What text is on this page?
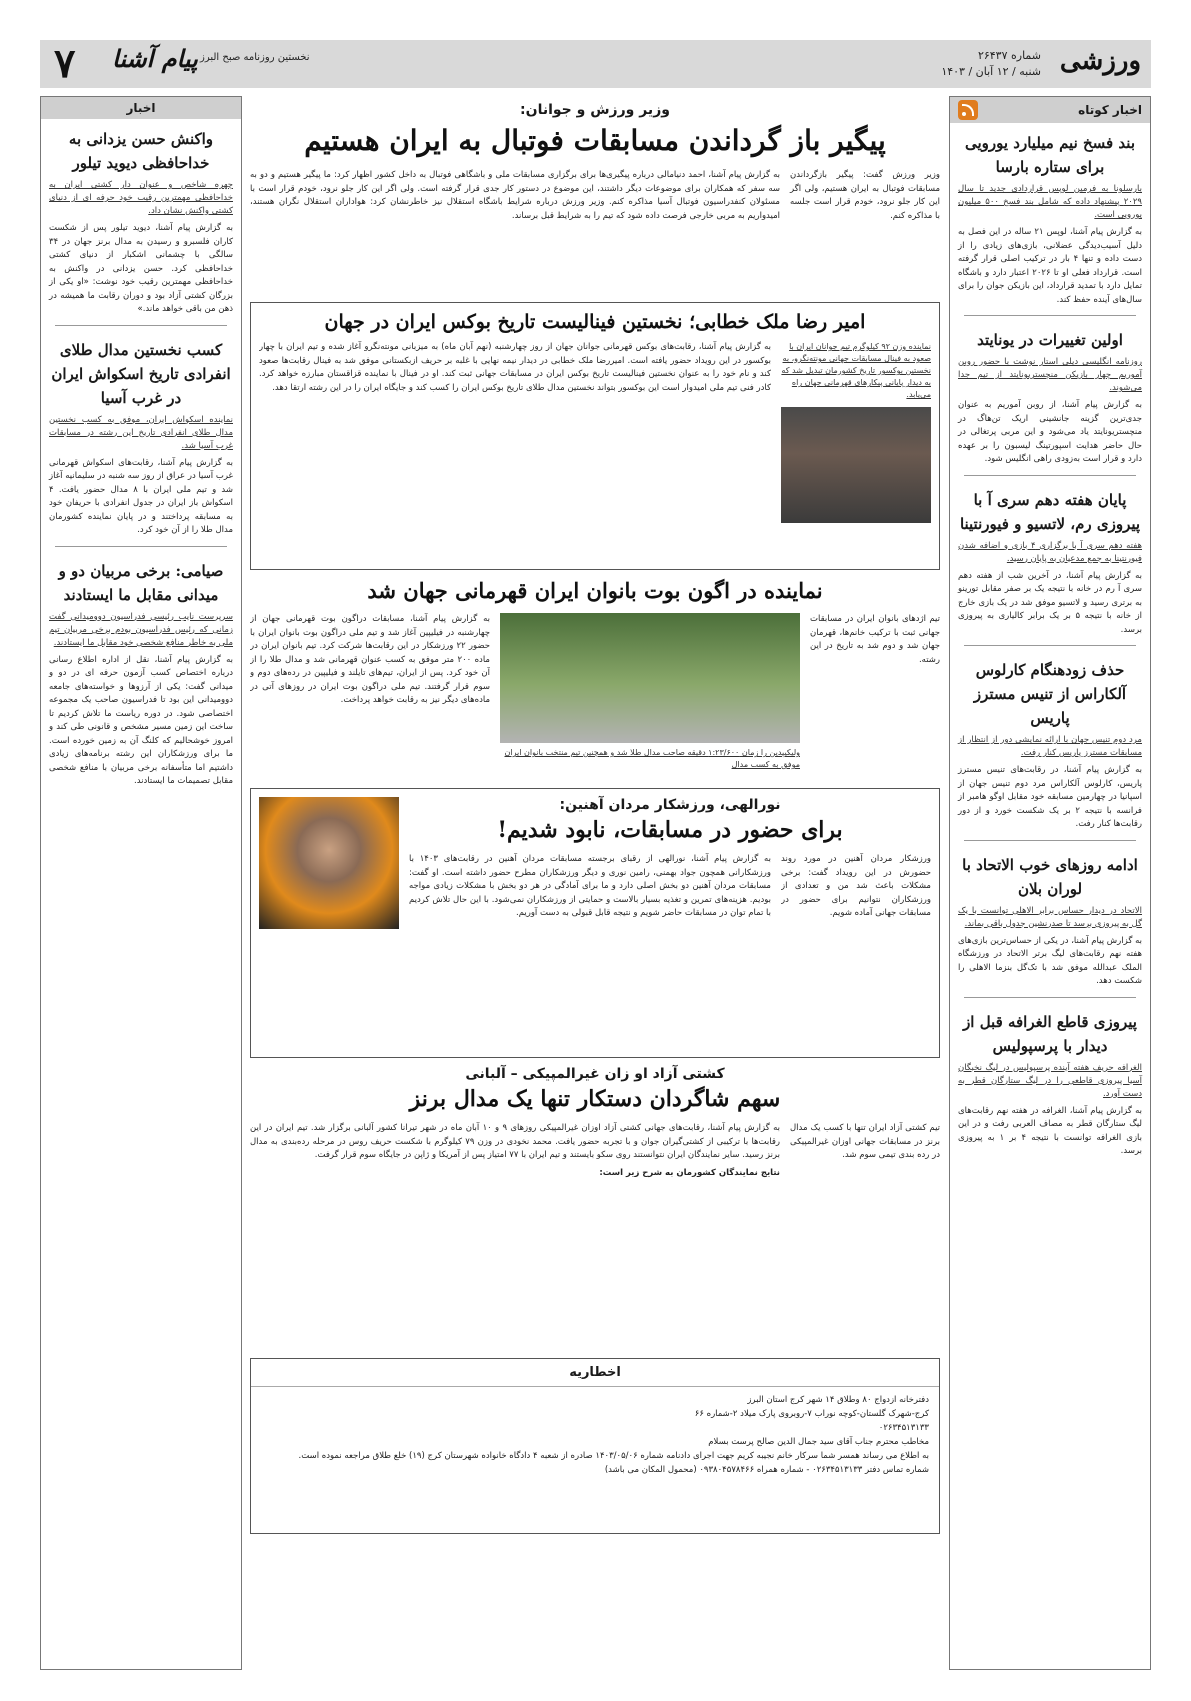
ورزشی
شماره ۲۶۴۳۷
شنبه / ۱۲ آبان / ۱۴۰۳
۷ پیام آشنا نخستین روزنامه صبح البرز
اخبار کوتاه
بند فسخ نیم میلیارد یورویی برای ستاره بارسا
بارسلونا به فرمین لوپس قراردادی جدید تا سال ۲۰۲۹ پیشنهاد داده که شامل بند فسخ ۵۰۰ میلیون یورویی است.
به گزارش پیام آشنا، لوپس ۲۱ ساله در این فصل به دلیل آسیب‌دیدگی عضلانی، بازی‌های زیادی را از دست داده و تنها ۴ بار در ترکیب اصلی قرار گرفته است. قرارداد فعلی او تا ۲۰۲۶ اعتبار دارد و باشگاه تمایل دارد با تمدید قرارداد، این بازیکن جوان را برای سال‌های آینده حفظ کند.
اولین تغییرات در یونایتد
روزنامه انگلیسی دیلی استار نوشت با حضور روبن آموریم چهار بازیکن منچستریونایتد از تیم جدا می‌شوند.
به گزارش پیام آشنا، از روبن آموریم به عنوان جدی‌ترین گزینه جانشینی اریک تن‌هاگ در منچستریونایتد یاد می‌شود و این مربی پرتغالی در حال حاضر هدایت اسپورتینگ لیسبون را بر عهده دارد و قرار است به‌زودی راهی انگلیس شود.
پایان هفته دهم سری آ با پیروزی رم، لاتسیو و فیورنتینا
هفته دهم سری آ با برگزاری ۴ بازی و اضافه شدن فیورنتینا به جمع مدعیان به پایان رسید.
به گزارش پیام آشنا، در آخرین شب از هفته دهم سری آ رم در خانه با نتیجه یک بر صفر مقابل تورینو به برتری رسید و لاتسیو موفق شد در یک بازی خارج از خانه با نتیجه ۵ بر یک برابر کالیاری به پیروزی برسد.
حذف زودهنگام کارلوس آلکاراس از تنیس مسترز پاریس
مرد دوم تنیس جهان با ارائه نمایشی دور از انتظار از مسابقات مسترز پاریس کنار رفت.
به گزارش پیام آشنا، در رقابت‌های تنیس مسترز پاریس، کارلوس آلکاراس مرد دوم تنیس جهان از اسپانیا در چهارمین مسابقه خود مقابل اوگو هامبر از فرانسه با نتیجه ۲ بر یک شکست خورد و از دور رقابت‌ها کنار رفت.
ادامه روزهای خوب الاتحاد با لوران بلان
الاتحاد در دیدار حساس برابر الاهلی توانست با یک گل به پیروزی برسد تا صدرنشین جدول باقی بماند.
به گزارش پیام آشنا، در یکی از حساس‌ترین بازی‌های هفته نهم رقابت‌های لیگ برتر الاتحاد در ورزشگاه الملک عبدالله موفق شد با تک‌گل بنزما الاهلی را شکست دهد.
پیروزی قاطع الغرافه قبل از دیدار با پرسپولیس
الغرافه حریف هفته آینده پرسپولیس در لیگ نخبگان آسیا پیروزی قاطعی را در لیگ ستارگان قطر به دست آورد.
به گزارش پیام آشنا، الغرافه در هفته نهم رقابت‌های لیگ ستارگان قطر به مصاف العربی رفت و در این بازی الغرافه توانست با نتیجه ۴ بر ۱ به پیروزی برسد.
اخبار
واکنش حسن یزدانی به خداحافظی دیوید تیلور
چهره شاخص و عنوان دار کشتی ایران به خداحافظی مهمترین رقیب خود حرفه ای از دنیای کشتی واکنش نشان داد.
به گزارش پیام آشنا، دیوید تیلور پس از شکست کاران فلسبرو و رسیدن به مدال برنز جهان در ۳۴ سالگی با چشمانی اشکبار از دنیای کشتی خداحافظی کرد. حسن یزدانی در واکنش به خداحافظی مهمترین رقیب خود نوشت: «او یکی از بزرگان کشتی آزاد بود و دوران رقابت ما همیشه در ذهن من باقی خواهد ماند.»
کسب نخستین مدال طلای انفرادی تاریخ اسکواش ایران در غرب آسیا
نماینده اسکواش ایران، موفق به کسب نخستین مدال طلای انفرادی تاریخ این رشته در مسابقات غرب آسیا شد.
به گزارش پیام آشنا، رقابت‌های اسکواش قهرمانی غرب آسیا در عراق از روز سه شنبه در سلیمانیه آغاز شد و تیم ملی ایران با ۸ مدال حضور یافت. ۴ اسکواش باز ایران در جدول انفرادی با حریفان خود به مسابقه پرداختند و در پایان نماینده کشورمان مدال طلا را از آن خود کرد.
صیامی: برخی مربیان دو و میدانی مقابل ما ایستادند
سرپرست نایب رئیسی فدراسیون دوومیدانی گفت زمانی که رئیس فدراسیون بودم برخی مربیان تیم ملی به خاطر منافع شخصی خود مقابل ما ایستادند.
به گزارش پیام آشنا، نقل از اداره اطلاع رسانی درباره اختصاص کسب آزمون حرفه ای در دو و میدانی گفت: یکی از آرزوها و خواسته‌های جامعه دوومیدانی این بود تا فدراسیون صاحب یک مجموعه اختصاصی شود. در دوره ریاست ما تلاش کردیم تا ساخت این زمین مسیر مشخص و قانونی طی کند و امروز خوشحالیم که کلنگ آن به زمین خورده است. ما برای ورزشکاران این رشته برنامه‌های زیادی داشتیم اما متأسفانه برخی مربیان با منافع شخصی مقابل تصمیمات ما ایستادند.
وزیر ورزش و جوانان:
پیگیر باز گرداندن مسابقات فوتبال به ایران هستیم
وزیر ورزش گفت: پیگیر بازگرداندن مسابقات فوتبال به ایران هستیم، ولی اگر این کار جلو نرود، خودم قرار است جلسه با مذاکره کنم.
به گزارش پیام آشنا، احمد دنیامالی درباره پیگیری‌ها برای برگزاری مسابقات ملی و باشگاهی فوتبال به داخل کشور اظهار کرد: ما پیگیر هستیم و دو به سه سفر که همکاران برای موضوعات دیگر داشتند، این موضوع در دستور کار جدی قرار گرفته است. ولی اگر این کار جلو نرود، خودم قرار است با مسئولان کنفدراسیون فوتبال آسیا مذاکره کنم. وزیر ورزش درباره شرایط باشگاه استقلال نیز خاطرنشان کرد: هواداران استقلال نگران هستند، امیدواریم به مربی خارجی فرصت داده شود که تیم را به شرایط قبل برساند.
امیر رضا ملک خطابی؛ نخستین فینالیست تاریخ بوکس ایران در جهان
نماینده وزن ۹۲ کیلوگرم تیم جوانان ایران با صعود به فینال مسابقات جهانی مونته‌نگرو، به نخستین بوکسور تاریخ کشورمان تبدیل شد که به دیدار پایانی پیکارهای قهرمانی جهان راه می‌یابد.
به گزارش پیام آشنا، رقابت‌های بوکس قهرمانی جوانان جهان از روز چهارشنبه (نهم آبان ماه) به میزبانی مونته‌نگرو آغاز شده و تیم ایران با چهار بوکسور در این رویداد حضور یافته است. امیررضا ملک خطابی در دیدار نیمه نهایی با غلبه بر حریف ازبکستانی موفق شد به فینال رقابت‌ها صعود کند و نام خود را به عنوان نخستین فینالیست تاریخ بوکس ایران در مسابقات جهانی ثبت کند. او در فینال با نماینده قزاقستان مبارزه خواهد کرد. کادر فنی تیم ملی امیدوار است این بوکسور بتواند نخستین مدال طلای تاریخ بوکس ایران را کسب کند و جایگاه ایران را در این رشته ارتقا دهد.
نماینده در اگون بوت بانوان ایران قهرمانی جهان شد
تیم اژدهای بانوان ایران در مسابقات جهانی ثبت با ترکیب خانم‌ها، قهرمان جهان شد و دوم شد به تاریخ در این رشته.
ولیکیپدین را زمان ۱:۲۳/۶۰۰ دقیقه صاحب مدال طلا شد و همچنین تیم منتخب بانوان ایران موفق به کسب مدال
به گزارش پیام آشنا، مسابقات دراگون بوت قهرمانی جهان از چهارشنبه در فیلیپین آغاز شد و تیم ملی دراگون بوت بانوان ایران با حضور ۲۲ ورزشکار در این رقابت‌ها شرکت کرد. تیم بانوان ایران در ماده ۲۰۰ متر موفق به کسب عنوان قهرمانی شد و مدال طلا را از آن خود کرد. پس از ایران، تیم‌های تایلند و فیلیپین در رده‌های دوم و سوم قرار گرفتند. تیم ملی دراگون بوت ایران در روزهای آتی در ماده‌های دیگر نیز به رقابت خواهد پرداخت.
نورالهی، ورزشکار مردان آهنین:
برای حضور در مسابقات، نابود شدیم!
ورزشکار مردان آهنین در مورد روند حضورش در این رویداد گفت: برخی مشکلات باعث شد من و تعدادی از ورزشکاران نتوانیم برای حضور در مسابقات جهانی آماده شویم.
به گزارش پیام آشنا، نورالهی از رقبای برجسته مسابقات مردان آهنین در رقابت‌های ۱۴۰۳ با ورزشکارانی همچون جواد بهمنی، رامین نوری و دیگر ورزشکاران مطرح حضور داشته است. او گفت: مسابقات مردان آهنین دو بخش اصلی دارد و ما برای آمادگی در هر دو بخش با مشکلات زیادی مواجه بودیم. هزینه‌های تمرین و تغذیه بسیار بالاست و حمایتی از ورزشکاران نمی‌شود. با این حال تلاش کردیم با تمام توان در مسابقات حاضر شویم و نتیجه قابل قبولی به دست آوریم.
کشتی آزاد او زان غیرالمپیکی – آلبانی
سهم شاگردان دستکار تنها یک مدال برنز
تیم کشتی آزاد ایران تنها با کسب یک مدال برنز در مسابقات جهانی اوزان غیرالمپیکی در رده بندی تیمی سوم شد.
به گزارش پیام آشنا، رقابت‌های جهانی کشتی آزاد اوزان غیرالمپیکی روزهای ۹ و ۱۰ آبان ماه در شهر تیرانا کشور آلبانی برگزار شد. تیم ایران در این رقابت‌ها با ترکیبی از کشتی‌گیران جوان و با تجربه حضور یافت. محمد نخودی در وزن ۷۹ کیلوگرم با شکست حریف روس در مرحله رده‌بندی به مدال برنز رسید. سایر نمایندگان ایران نتوانستند روی سکو بایستند و تیم ایران با ۷۷ امتیاز پس از آمریکا و ژاپن در جایگاه سوم قرار گرفت.
نتایج نمایندگان کشورمان به شرح زیر است:
اخطاریه
دفترخانه ازدواج ۸۰ وطلاق ۱۴ شهر کرج استان البرز
کرج-شهرک گلستان-کوچه نوراب ۷-روبروی پارک میلاد ۲-شماره ۶۶
۰۲۶۳۴۵۱۳۱۳۳
مخاطب محترم جناب آقای سید جمال الدین صالح پرست بسلام
به اطلاع می رساند همسر شما سرکار خانم نجیبه کریم جهت اجرای دادنامه شماره ۱۴۰۳/۰۵/۰۶ صادره از شعبه ۴ دادگاه خانواده شهرستان کرج (۱۹) خلع طلاق مراجعه نموده است.
شماره تماس دفتر ۰۲۶۳۴۵۱۳۱۳۳ - شماره همراه ۰۹۳۸۰۴۵۷۸۴۶۶ (محمول المکان می باشد)
